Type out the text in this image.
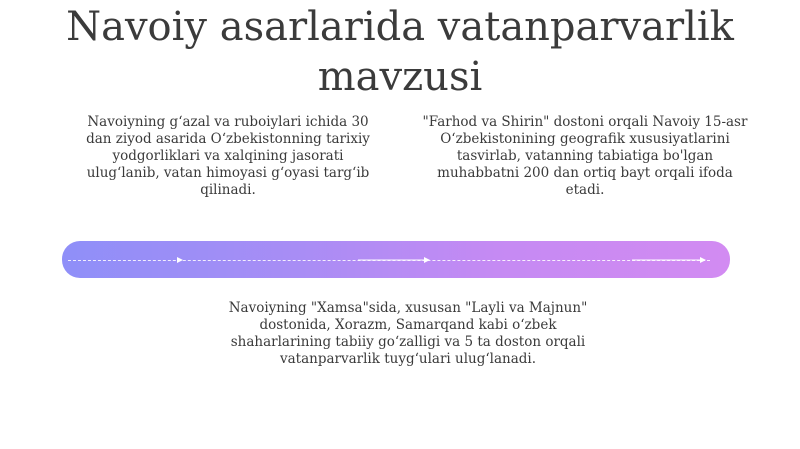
Navoiy asarlarida vatanparvarlik mavzusi
Navoiyning g‘azal va ruboiylari ichida 30 dan ziyod asarida O‘zbekistonning tarixiy yodgorliklari va xalqining jasorati ulug‘lanib, vatan himoyasi g‘oyasi targ‘ib qilinadi.
"Farhod va Shirin" dostoni orqali Navoiy 15-asr O‘zbekistonining geografik xususiyatlarini tasvirlab, vatanning tabiatiga bo'lgan muhabbatni 200 dan ortiq bayt orqali ifoda etadi.
Navoiyning "Xamsa"sida, xususan "Layli va Majnun" dostonida, Xorazm, Samarqand kabi o‘zbek shaharlarining tabiiy go‘zalligi va 5 ta doston orqali vatanparvarlik tuyg‘ulari ulug‘lanadi.
